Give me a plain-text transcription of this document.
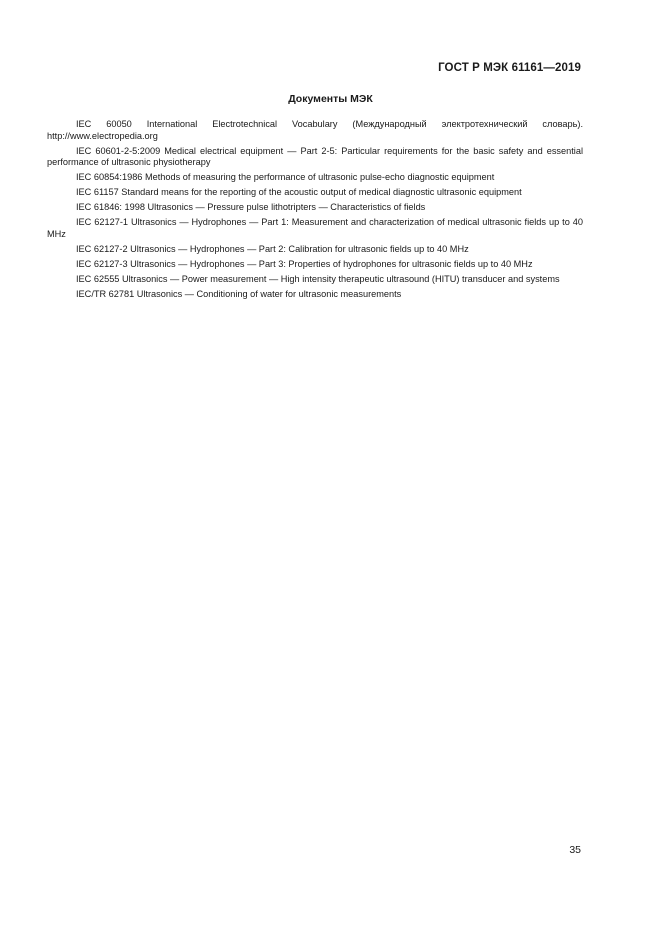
ГОСТ Р МЭК 61161—2019
Документы МЭК

IEC 60050 International Electrotechnical Vocabulary (Международный электротехнический словарь). http://www.electropedia.org

IEC 60601-2-5:2009 Medical electrical equipment — Part 2-5: Particular requirements for the basic safety and essential performance of ultrasonic physiotherapy

IEC 60854:1986 Methods of measuring the performance of ultrasonic pulse-echo diagnostic equipment

IEC 61157 Standard means for the reporting of the acoustic output of medical diagnostic ultrasonic equipment

IEC 61846: 1998 Ultrasonics — Pressure pulse lithotripters — Characteristics of fields

IEC 62127-1 Ultrasonics — Hydrophones — Part 1: Measurement and characterization of medical ultrasonic fields up to 40 MHz

IEC 62127-2 Ultrasonics — Hydrophones — Part 2: Calibration for ultrasonic fields up to 40 MHz

IEC 62127-3 Ultrasonics — Hydrophones — Part 3: Properties of hydrophones for ultrasonic fields up to 40 MHz

IEC 62555 Ultrasonics — Power measurement — High intensity therapeutic ultrasound (HITU) transducer and systems

IEC/TR 62781 Ultrasonics — Conditioning of water for ultrasonic measurements

35
